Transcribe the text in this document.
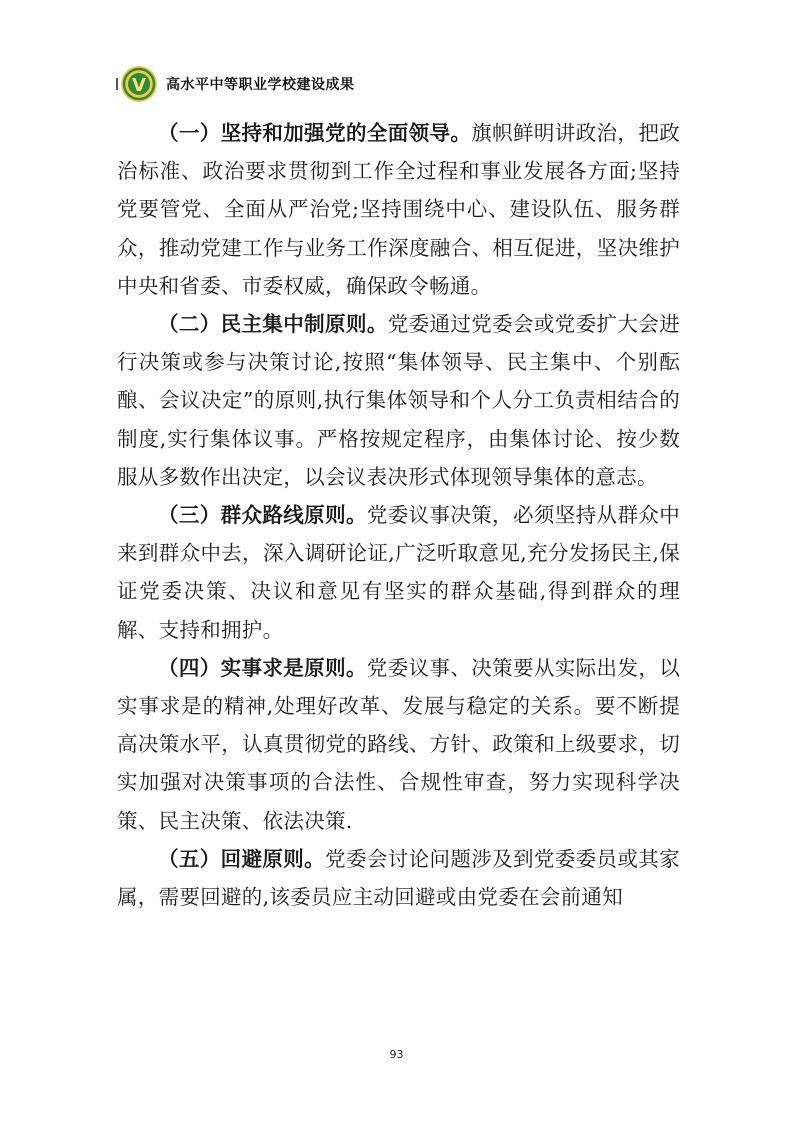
V 高水平中等职业学校建设成果

（一）坚持和加强党的全面领导。旗帜鲜明讲政治，把政治标准、政治要求贯彻到工作全过程和事业发展各方面;坚持党要管党、全面从严治党;坚持围绕中心、建设队伍、服务群众，推动党建工作与业务工作深度融合、相互促进，坚决维护中央和省委、市委权威，确保政令畅通。

（二）民主集中制原则。党委通过党委会或党委扩大会进行决策或参与决策讨论,按照“集体领导、民主集中、个别酝酿、会议决定”的原则,执行集体领导和个人分工负责相结合的制度,实行集体议事。严格按规定程序，由集体讨论、按少数服从多数作出决定，以会议表决形式体现领导集体的意志。

（三）群众路线原则。党委议事决策，必须坚持从群众中来到群众中去，深入调研论证,广泛听取意见,充分发扬民主,保证党委决策、决议和意见有坚实的群众基础,得到群众的理解、支持和拥护。

（四）实事求是原则。党委议事、决策要从实际出发，以实事求是的精神,处理好改革、发展与稳定的关系。要不断提高决策水平，认真贯彻党的路线、方针、政策和上级要求，切实加强对决策事项的合法性、合规性审查，努力实现科学决策、民主决策、依法决策.

（五）回避原则。党委会讨论问题涉及到党委委员或其家属，需要回避的,该委员应主动回避或由党委在会前通知

93
